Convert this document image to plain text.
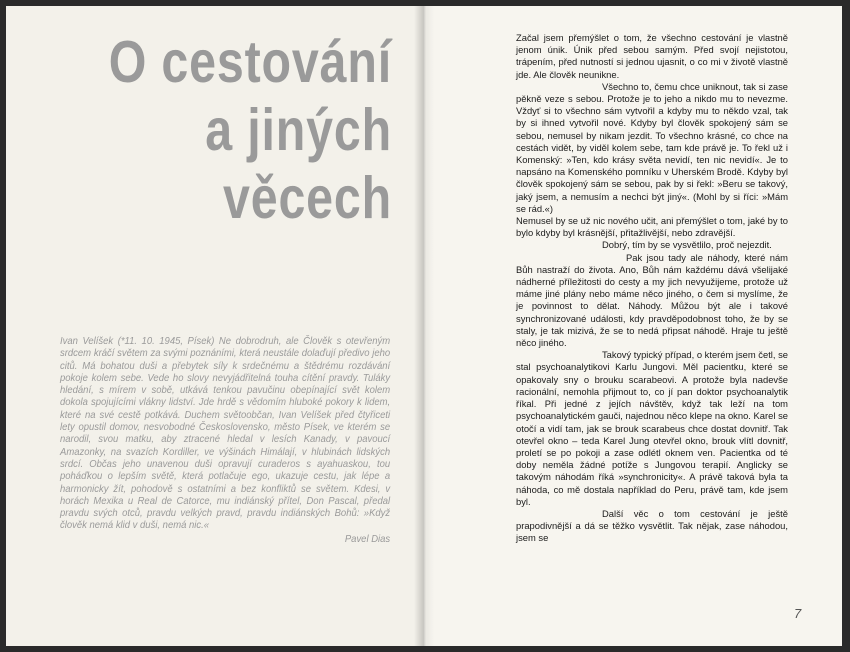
O cestování
a jiných
věcech
Ivan Velíšek (*11. 10. 1945, Písek) Ne dobrodruh, ale Člověk s otevřeným srdcem kráčí světem za svými poznáními, která neustále dolaďují předivo jeho citů. Má bohatou duši a přebytek síly k srdečnému a štědrému rozdávání pokoje kolem sebe. Vede ho slovy nevyjádřitelná touha cítění pravdy. Tuláky hledání, s mírem v sobě, utkává tenkou pavučinu obepínající svět kolem dokola spojujícími vlákny lidství. Jde hrdě s vědomím hluboké pokory k lidem, které na své cestě potkává. Duchem světoobčan, Ivan Velíšek před čtyřiceti lety opustil domov, nesvobodné Československo, město Písek, ve kterém se narodil, svou matku, aby ztracené hledal v lesích Kanady, v pavoucí Amazonky, na svazích Kordiller, ve výšinách Himálají, v hlubinách lidských srdcí. Občas jeho unavenou duši opravují curaderos s ayahuaskou, tou poháďkou o lepším světě, která potlačuje ego, ukazuje cestu, jak lépe a harmonicky žít, pohodově s ostatními a bez konfliktů se světem. Kdesi, v horách Mexika u Real de Catorce, mu indiánský přítel, Don Pascal, předal pravdu svých otců, pravdu velkých pravd, pravdu indiánských Bohů: »Když člověk nemá klid v duši, nemá nic.«
Pavel Dias

Začal jsem přemýšlet o tom, že všechno cestování je vlastně jenom únik. Únik před sebou samým. Před svojí nejistotou, trápením, před nutností si jednou ujasnit, o co mi v životě vlastně jde. Ale člověk neuniknе.

Všechno to, čemu chce uniknout, tak si zase pěkně veze s sebou. Protože je to jeho a nikdo mu to nevezme. Vždyť si to všechno sám vytvořil a kdyby mu to někdo vzal, tak by si ihned vytvořil nové. Kdyby byl člověk spokojený sám se sebou, nemusel by nikam jezdit. To všechno krásné, co chce na cestách vidět, by viděl kolem sebe, tam kde právě je. To řekl už i Komenský: »Ten, kdo krásy světa nevidí, ten nic nevidí«. Je to napsáno na Komenského pomníku v Uherském Brodě. Kdyby byl člověk spokojený sám se sebou, pak by si řekl: »Beru se takový, jaký jsem, a nemusím a nechci být jiný«. (Mohl by si říci: »Mám se rád.«)

Nemusel by se už nic nového učit, ani přemýšlet o tom, jaké by to bylo kdyby byl krásnější, přitažlivější, nebo zdravější.

Dobrý, tím by se vysvětlilo, proč nejezdit.

Pak jsou tady ale náhody, které nám Bůh nastraží do života. Ano, Bůh nám každému dává všelijaké nádherné příležitosti do cesty a my jich nevyužijeme, protože už máme jiné plány nebo máme něco jiného, o čem si myslíme, že je povinnost to dělat. Náhody. Můžou být ale i takové synchronizované události, kdy pravděpodobnost toho, že by se staly, je tak mizivá, že se to nedá připsat náhodě. Hraje tu ještě něco jiného.

Takový typický případ, o kterém jsem četl, se stal psychoanalytikovi Karlu Jungovi. Měl pacientku, které se opakovaly sny o brouku scarabeovi. A protože byla nadevše racionální, nemohla přijmout to, co jí pan doktor psychoanalytik říkal. Při jedné z jejích návštěv, když tak leží na tom psychoanalytickém gauči, najednou něco klepe na okno. Karel se otočí a vidí tam, jak se brouk scarabeus chce dostat dovnitř. Tak otevřel okno – teda Karel Jung otevřel okno, brouk vlítl dovnitř, proletí se po pokoji a zase odlétl oknem ven. Pacientka od té doby neměla žádné potíže s Jungovou terapií. Anglicky se takovým náhodám říká »synchronicity«. A právě taková byla ta náhoda, co mě dostala například do Peru, právě tam, kde jsem byl.

Další věc o tom cestování je ještě prapodivnější a dá se těžko vysvětlit. Tak nějak, zase náhodou, jsem se

7
